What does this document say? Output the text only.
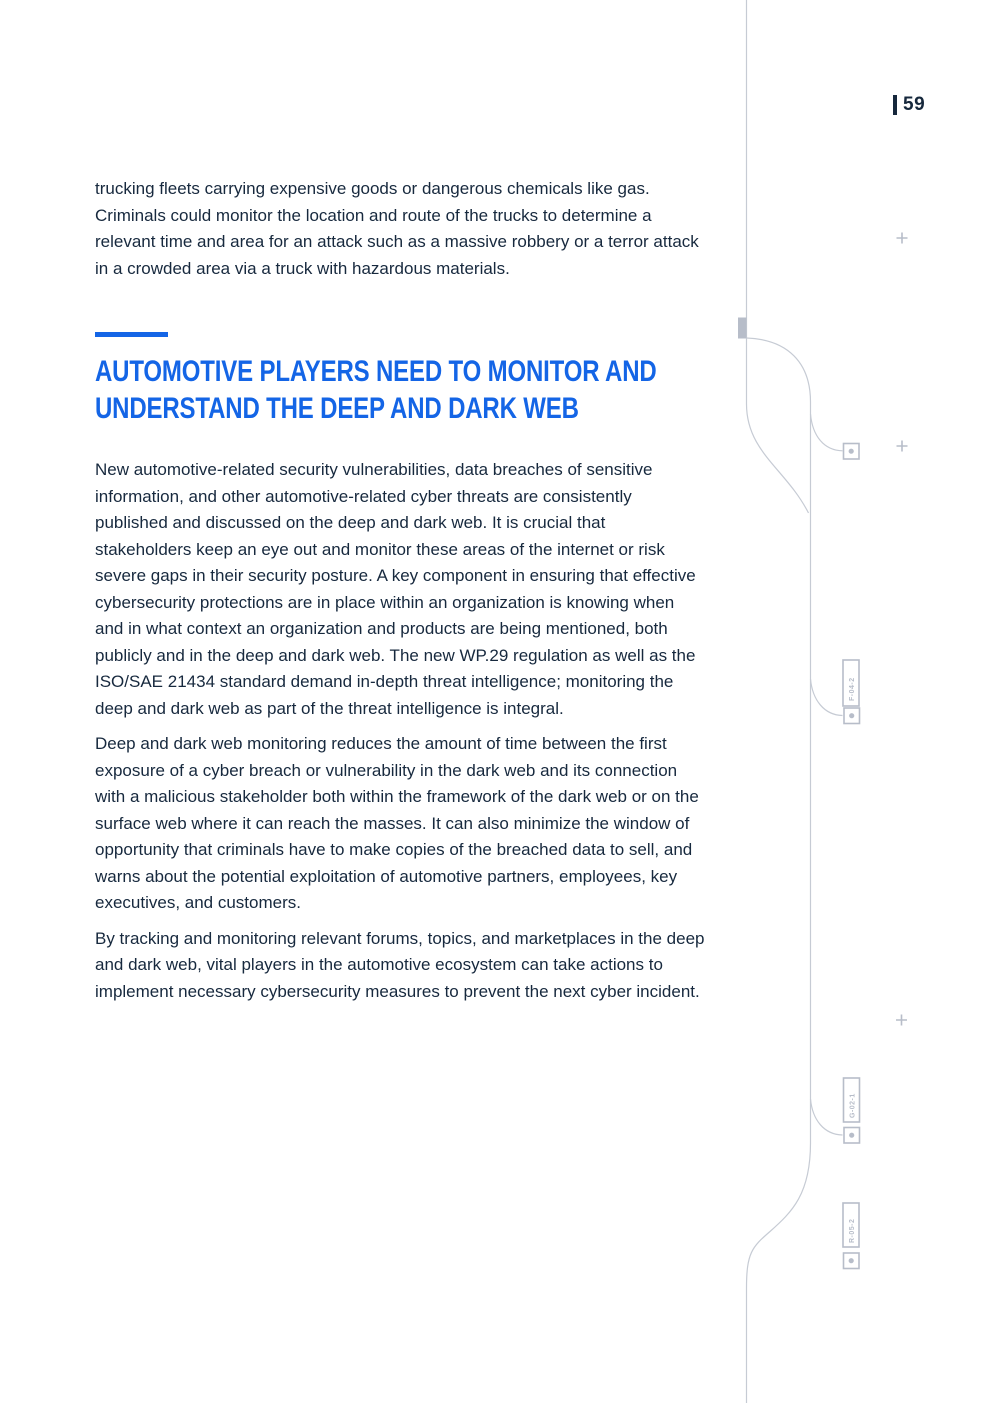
F-04-2
G-02-1
R-05-2
59

trucking fleets carrying expensive goods or dangerous chemicals like gas. Criminals could monitor the location and route of the trucks to determine a relevant time and area for an attack such as a massive robbery or a terror attack in a crowded area via a truck with hazardous materials.

AUTOMOTIVE PLAYERS NEED TO MONITOR AND
UNDERSTAND THE DEEP AND DARK WEB

New automotive-related security vulnerabilities, data breaches of sensitive information, and other automotive-related cyber threats are consistently published and discussed on the deep and dark web. It is crucial that stakeholders keep an eye out and monitor these areas of the internet or risk severe gaps in their security posture. A key component in ensuring that effective cybersecurity protections are in place within an organization is knowing when and in what context an organization and products are being mentioned, both publicly and in the deep and dark web. The new WP.29 regulation as well as the ISO/SAE 21434 standard demand in-depth threat intelligence; monitoring the deep and dark web as part of the threat intelligence is integral.

Deep and dark web monitoring reduces the amount of time between the first exposure of a cyber breach or vulnerability in the dark web and its connection with a malicious stakeholder both within the framework of the dark web or on the surface web where it can reach the masses. It can also minimize the window of opportunity that criminals have to make copies of the breached data to sell, and warns about the potential exploitation of automotive partners, employees, key executives, and customers.

By tracking and monitoring relevant forums, topics, and marketplaces in the deep and dark web, vital players in the automotive ecosystem can take actions to implement necessary cybersecurity measures to prevent the next cyber incident.
